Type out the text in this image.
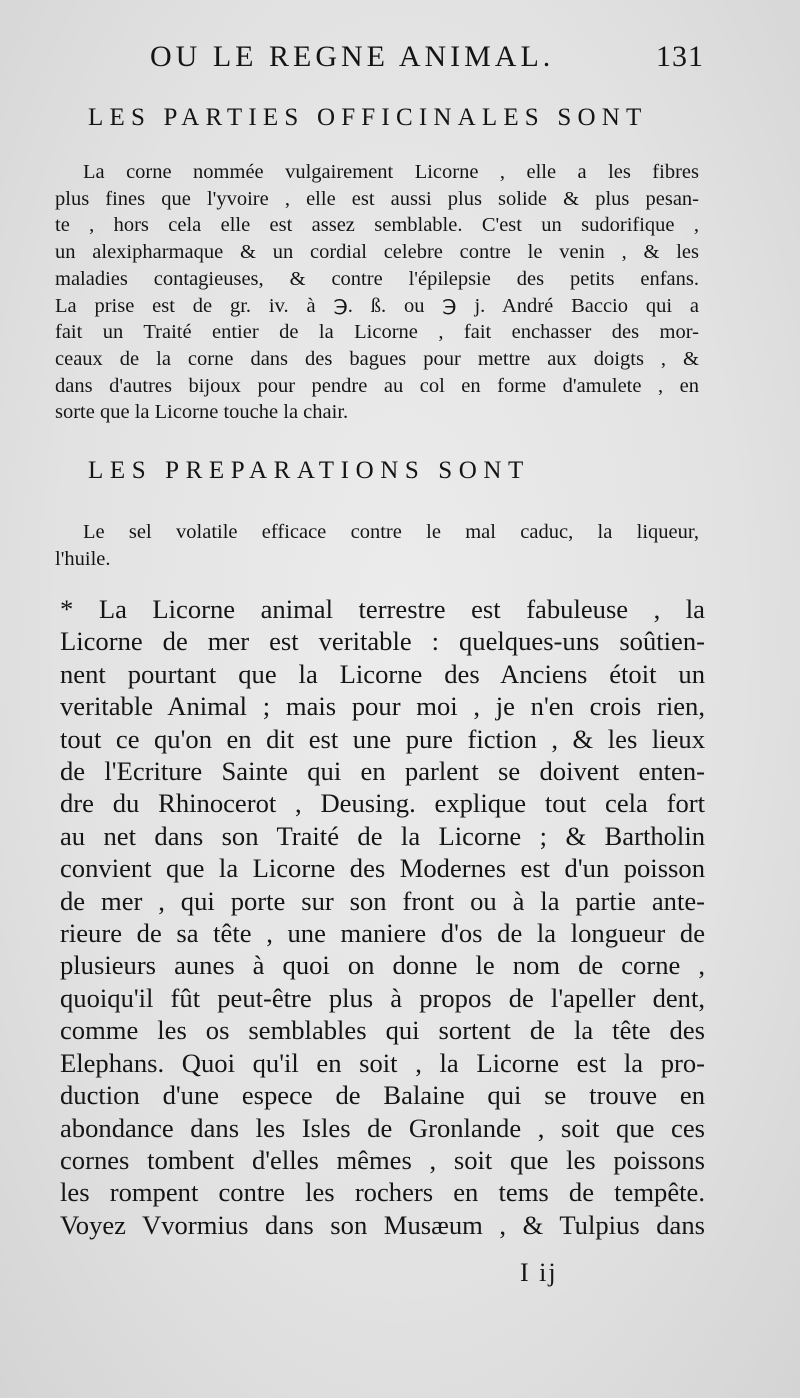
OU LE REGNE ANIMAL.	131
LES PARTIES OFFICINALES SONT
La corne nommée vulgairement Licorne , elle a les fibres
plus fines que l'yvoire , elle est aussi plus solide & plus pesan-
te , hors cela elle est assez semblable. C'est un sudorifique ,
un alexipharmaque & un cordial celebre contre le venin , & les
maladies contagieuses, & contre l'épilepsie des petits enfans.
La prise est de gr. iv. à ℈. ß. ou ℈ j. André Baccio qui a
fait un Traité entier de la Licorne , fait enchasser des mor-
ceaux de la corne dans des bagues pour mettre aux doigts , &
dans d'autres bijoux pour pendre au col en forme d'amulete , en
sorte que la Licorne touche la chair.
LES PREPARATIONS SONT
Le sel volatile efficace contre le mal caduc, la liqueur,
l'huile.
* La Licorne animal terrestre est fabuleuse , la
Licorne de mer est veritable : quelques-uns soûtien-
nent pourtant que la Licorne des Anciens étoit un
veritable Animal ; mais pour moi , je n'en crois rien,
tout ce qu'on en dit est une pure fiction , & les lieux
de l'Ecriture Sainte qui en parlent se doivent enten-
dre du Rhinocerot , Deusing. explique tout cela fort
au net dans son Traité de la Licorne ; & Bartholin
convient que la Licorne des Modernes est d'un poisson
de mer , qui porte sur son front ou à la partie ante-
rieure de sa tête , une maniere d'os de la longueur de
plusieurs aunes à quoi on donne le nom de corne ,
quoiqu'il fût peut-être plus à propos de l'apeller dent,
comme les os semblables qui sortent de la tête des
Elephans. Quoi qu'il en soit , la Licorne est la pro-
duction d'une espece de Balaine qui se trouve en
abondance dans les Isles de Gronlande , soit que ces
cornes tombent d'elles mêmes , soit que les poissons
les rompent contre les rochers en tems de tempête.
Voyez Vvormius dans son Musæum , & Tulpius dans
I ij
